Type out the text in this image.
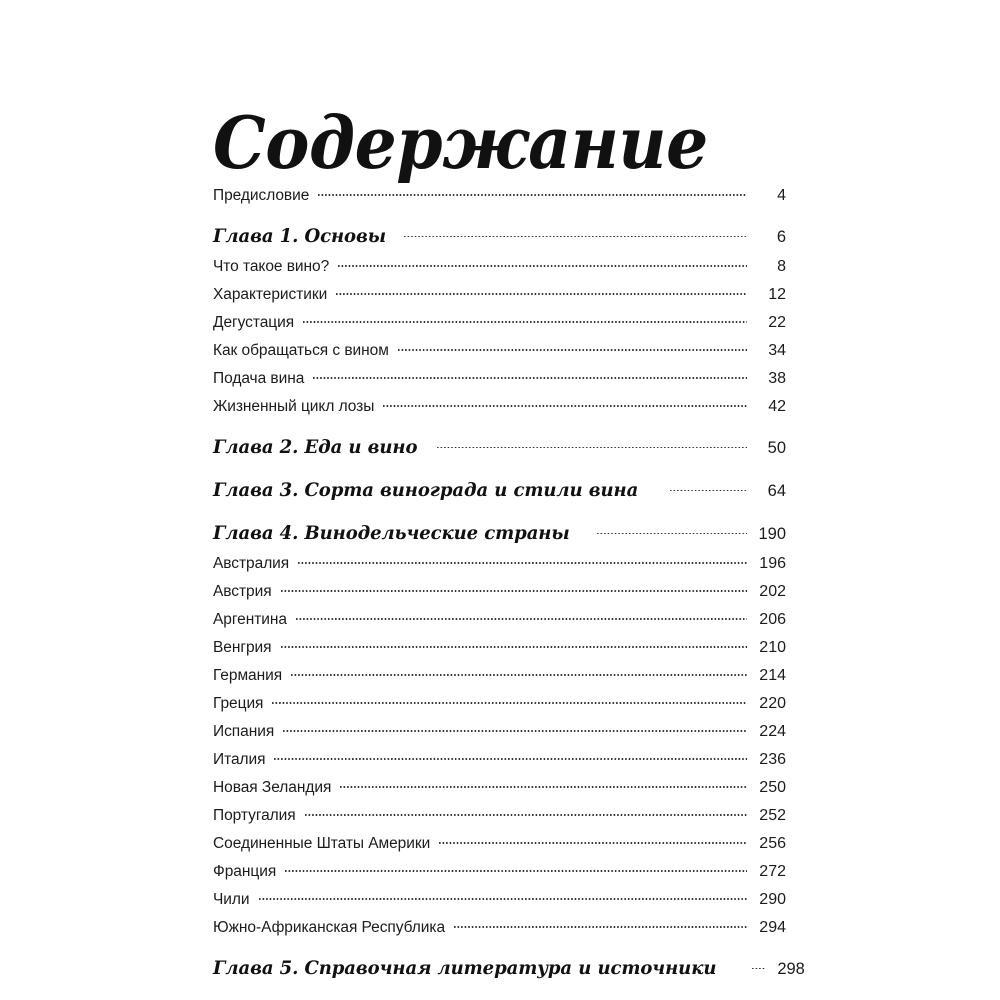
Содержание
Предисловие	4
Глава 1. Основы	6
Что такое вино?	8
Характеристики	12
Дегустация	22
Как обращаться с вином	34
Подача вина	38
Жизненный цикл лозы	42
Глава 2. Еда и вино	50
Глава 3. Сорта винограда и стили вина	64
Глава 4. Винодельческие страны	190
Австралия	196
Австрия	202
Аргентина	206
Венгрия	210
Германия	214
Греция	220
Испания	224
Италия	236
Новая Зеландия	250
Португалия	252
Соединенные Штаты Америки	256
Франция	272
Чили	290
Южно-Африканская Республика	294
Глава 5. Справочная литература и источники	298
